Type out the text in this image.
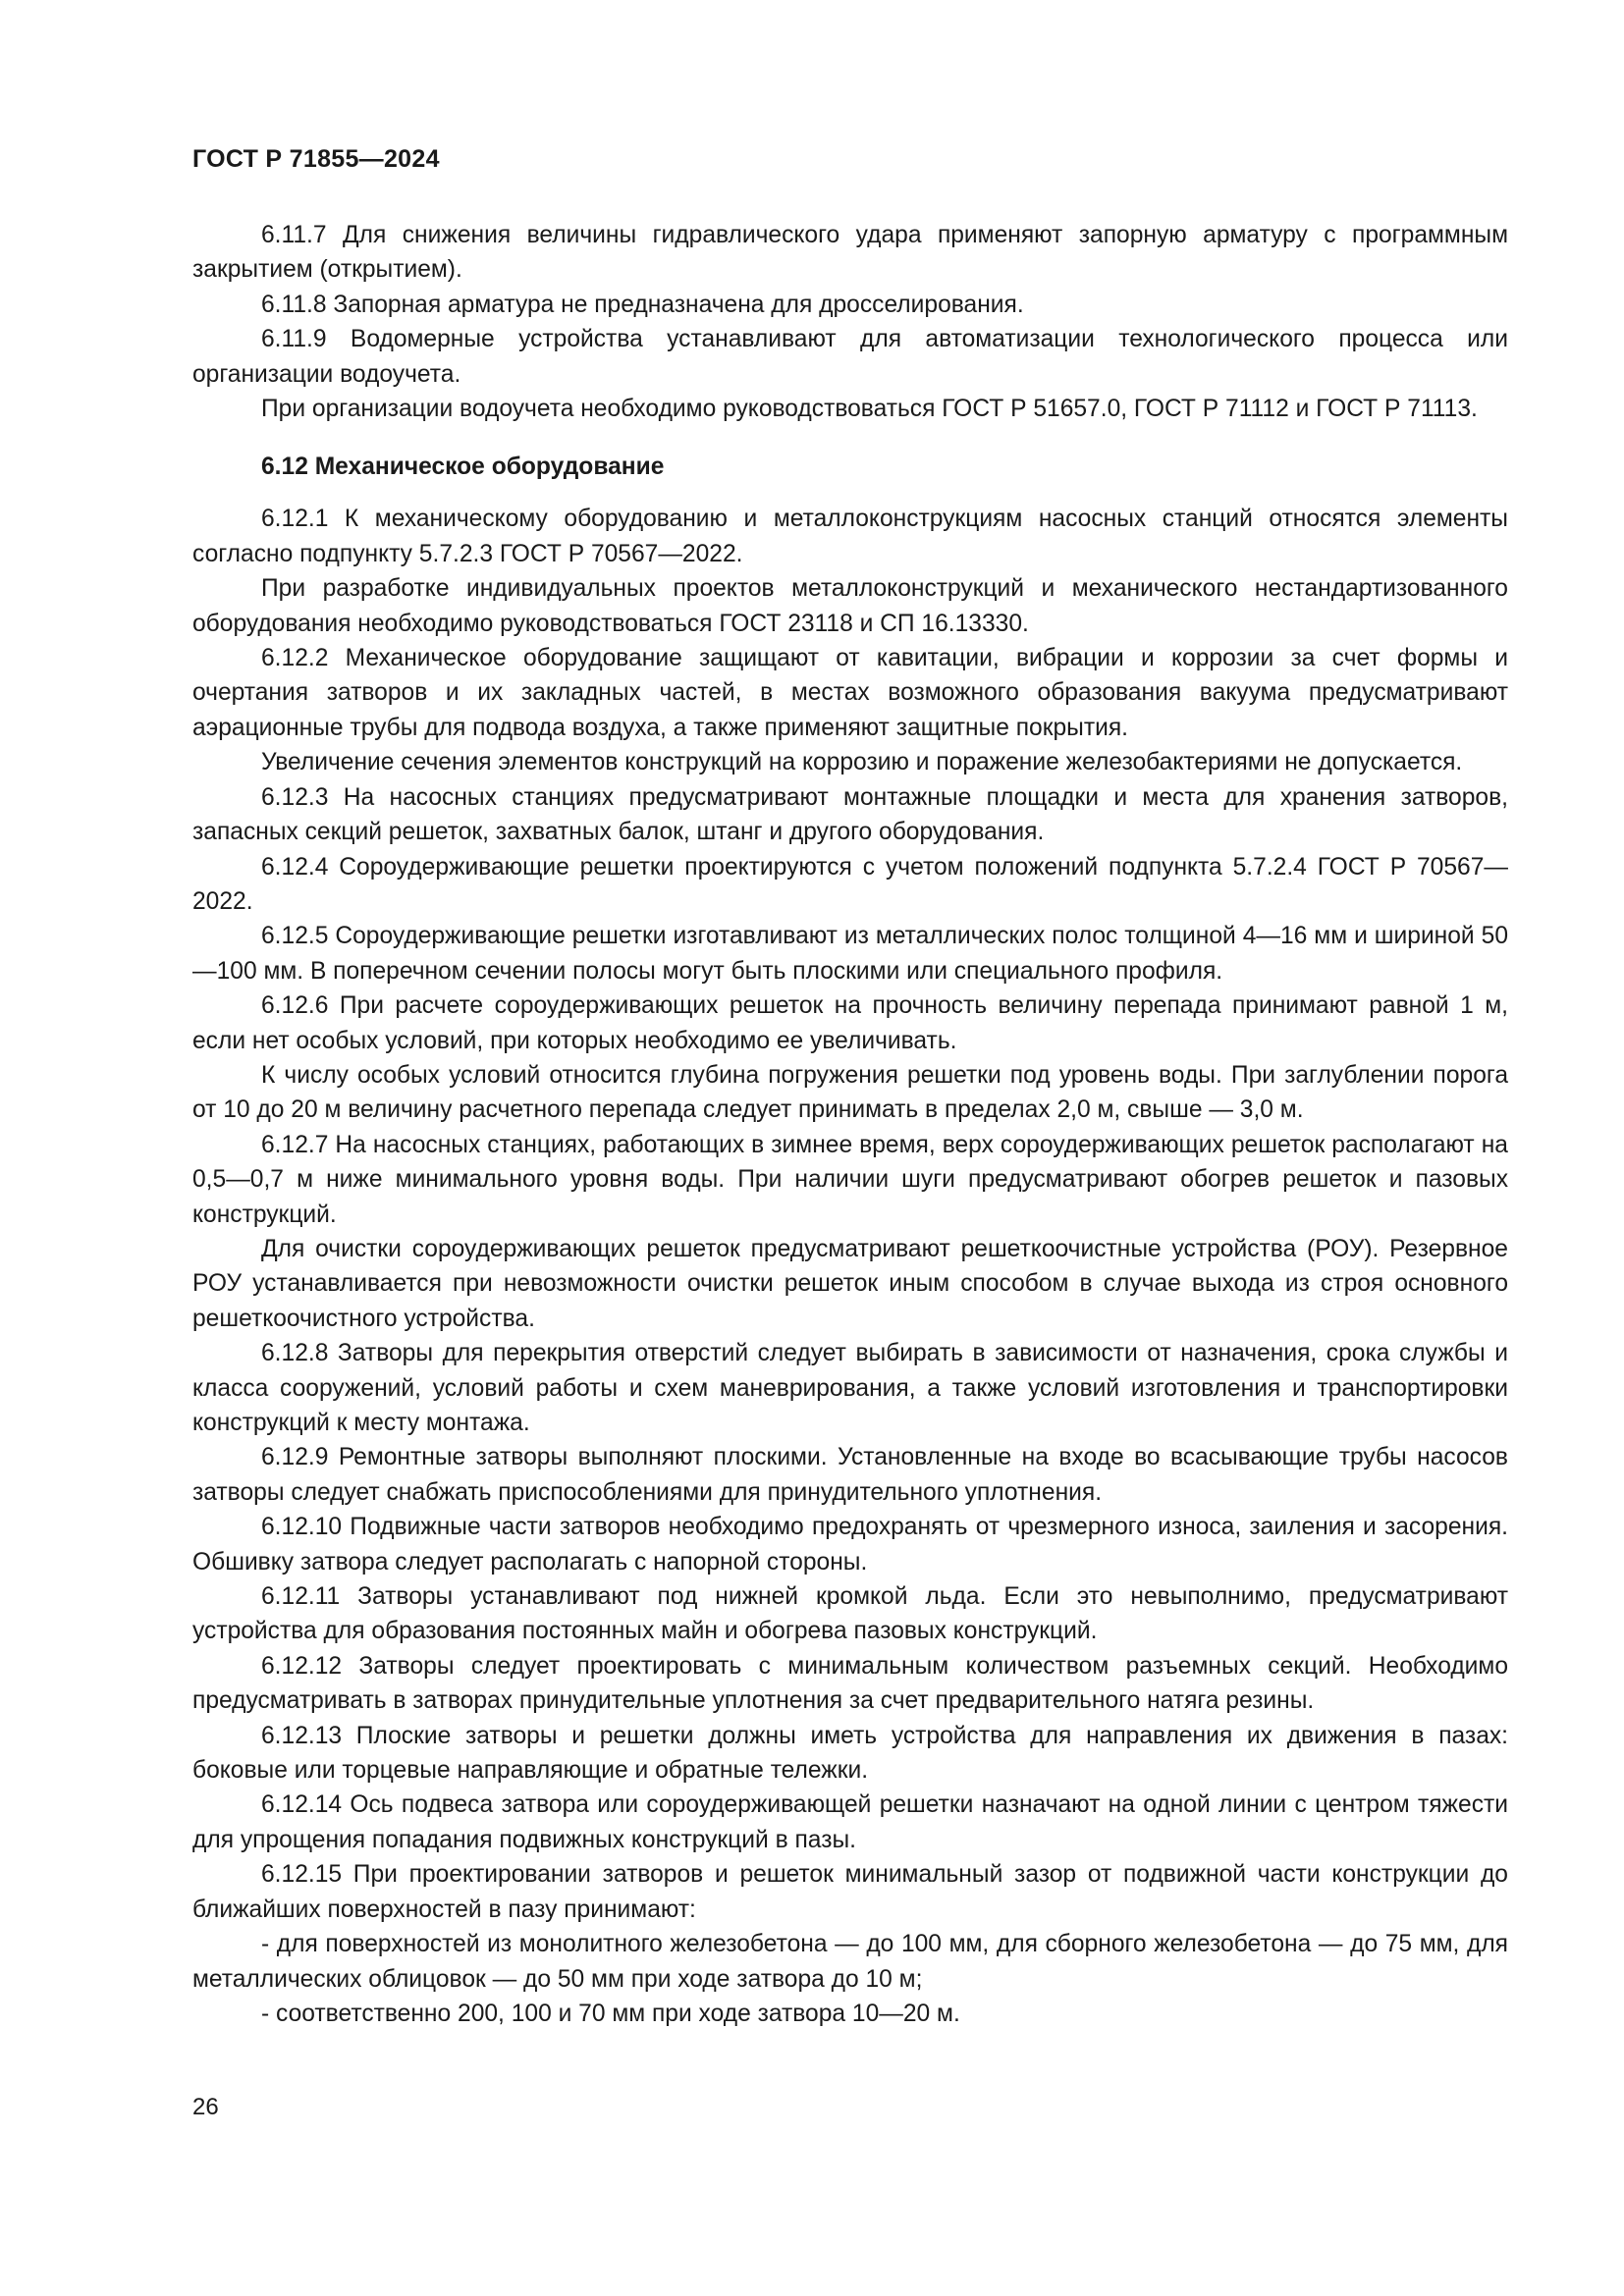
ГОСТ Р 71855—2024

6.11.7 Для снижения величины гидравлического удара применяют запорную арматуру с программным закрытием (открытием).

6.11.8 Запорная арматура не предназначена для дросселирования.

6.11.9 Водомерные устройства устанавливают для автоматизации технологического процесса или организации водоучета.

При организации водоучета необходимо руководствоваться ГОСТ Р 51657.0, ГОСТ Р 71112 и ГОСТ Р 71113.

6.12 Механическое оборудование

6.12.1 К механическому оборудованию и металлоконструкциям насосных станций относятся элементы согласно подпункту 5.7.2.3 ГОСТ Р 70567—2022.

При разработке индивидуальных проектов металлоконструкций и механического нестандартизованного оборудования необходимо руководствоваться ГОСТ 23118 и СП 16.13330.

6.12.2 Механическое оборудование защищают от кавитации, вибрации и коррозии за счет формы и очертания затворов и их закладных частей, в местах возможного образования вакуума предусматривают аэрационные трубы для подвода воздуха, а также применяют защитные покрытия.

Увеличение сечения элементов конструкций на коррозию и поражение железобактериями не допускается.

6.12.3 На насосных станциях предусматривают монтажные площадки и места для хранения затворов, запасных секций решеток, захватных балок, штанг и другого оборудования.

6.12.4 Сороудерживающие решетки проектируются с учетом положений подпункта 5.7.2.4 ГОСТ Р 70567—2022.

6.12.5 Сороудерживающие решетки изготавливают из металлических полос толщиной 4—16 мм и шириной 50—100 мм. В поперечном сечении полосы могут быть плоскими или специального профиля.

6.12.6 При расчете сороудерживающих решеток на прочность величину перепада принимают равной 1 м, если нет особых условий, при которых необходимо ее увеличивать.

К числу особых условий относится глубина погружения решетки под уровень воды. При заглублении порога от 10 до 20 м величину расчетного перепада следует принимать в пределах 2,0 м, свыше — 3,0 м.

6.12.7 На насосных станциях, работающих в зимнее время, верх сороудерживающих решеток располагают на 0,5—0,7 м ниже минимального уровня воды. При наличии шуги предусматривают обогрев решеток и пазовых конструкций.

Для очистки сороудерживающих решеток предусматривают решеткоочистные устройства (РОУ). Резервное РОУ устанавливается при невозможности очистки решеток иным способом в случае выхода из строя основного решеткоочистного устройства.

6.12.8 Затворы для перекрытия отверстий следует выбирать в зависимости от назначения, срока службы и класса сооружений, условий работы и схем маневрирования, а также условий изготовления и транспортировки конструкций к месту монтажа.

6.12.9 Ремонтные затворы выполняют плоскими. Установленные на входе во всасывающие трубы насосов затворы следует снабжать приспособлениями для принудительного уплотнения.

6.12.10 Подвижные части затворов необходимо предохранять от чрезмерного износа, заиления и засорения. Обшивку затвора следует располагать с напорной стороны.

6.12.11 Затворы устанавливают под нижней кромкой льда. Если это невыполнимо, предусматривают устройства для образования постоянных майн и обогрева пазовых конструкций.

6.12.12 Затворы следует проектировать с минимальным количеством разъемных секций. Необходимо предусматривать в затворах принудительные уплотнения за счет предварительного натяга резины.

6.12.13 Плоские затворы и решетки должны иметь устройства для направления их движения в пазах: боковые или торцевые направляющие и обратные тележки.

6.12.14 Ось подвеса затвора или сороудерживающей решетки назначают на одной линии с центром тяжести для упрощения попадания подвижных конструкций в пазы.

6.12.15 При проектировании затворов и решеток минимальный зазор от подвижной части конструкции до ближайших поверхностей в пазу принимают:

- для поверхностей из монолитного железобетона — до 100 мм, для сборного железобетона — до 75 мм, для металлических облицовок — до 50 мм при ходе затвора до 10 м;

- соответственно 200, 100 и 70 мм при ходе затвора 10—20 м.

26
